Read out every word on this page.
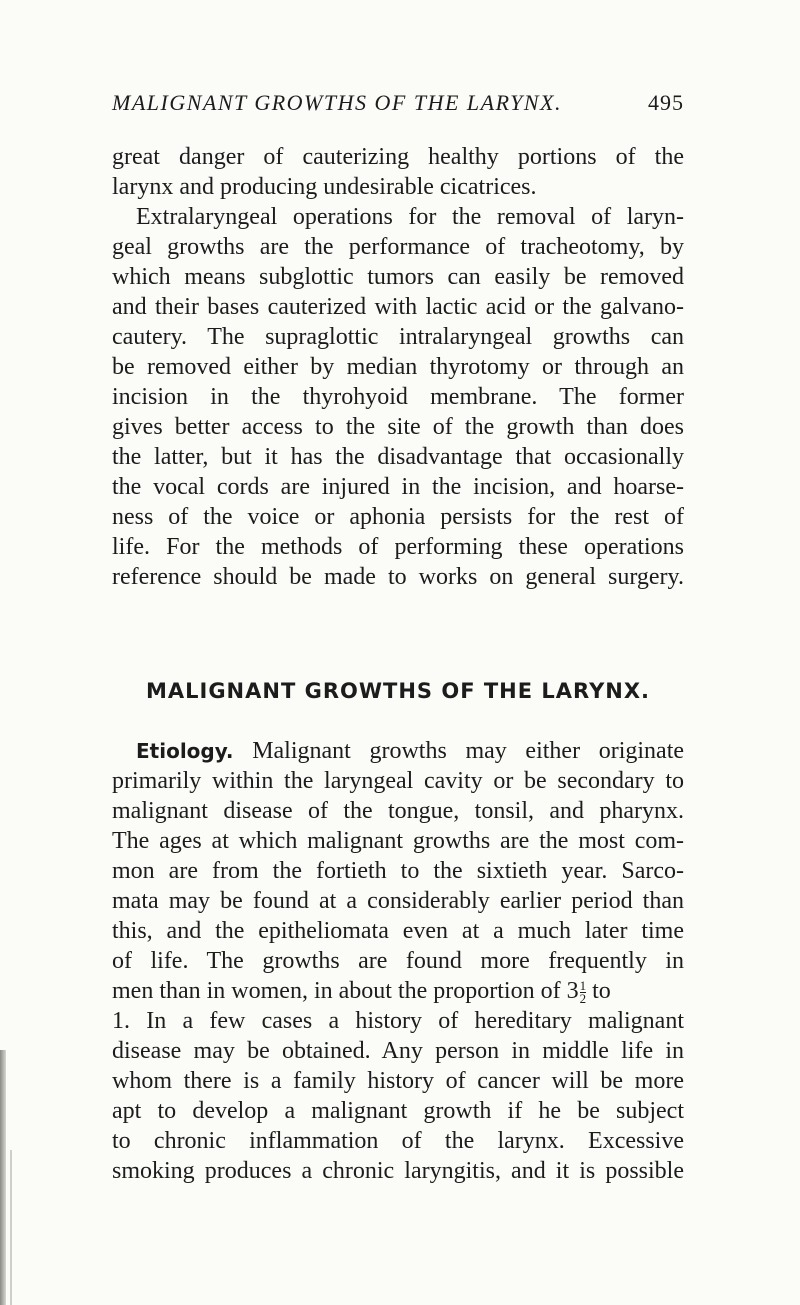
MALIGNANT GROWTHS OF THE LARYNX.	495
great danger of cauterizing healthy portions of the
larynx and producing undesirable cicatrices.
Extralaryngeal operations for the removal of laryn-
geal growths are the performance of tracheotomy, by
which means subglottic tumors can easily be removed
and their bases cauterized with lactic acid or the galvano-
cautery. The supraglottic intralaryngeal growths can
be removed either by median thyrotomy or through an
incision in the thyrohyoid membrane. The former
gives better access to the site of the growth than does
the latter, but it has the disadvantage that occasionally
the vocal cords are injured in the incision, and hoarse-
ness of the voice or aphonia persists for the rest of
life. For the methods of performing these operations
reference should be made to works on general surgery.
MALIGNANT GROWTHS OF THE LARYNX.
Etiology. Malignant growths may either originate
primarily within the laryngeal cavity or be secondary to
malignant disease of the tongue, tonsil, and pharynx.
The ages at which malignant growths are the most com-
mon are from the fortieth to the sixtieth year. Sarco-
mata may be found at a considerably earlier period than
this, and the epitheliomata even at a much later time
of life. The growths are found more frequently in
men than in women, in about the proportion of $3 \frac{1}{2}$ to
1. In a few cases a history of hereditary malignant
disease may be obtained. Any person in middle life in
whom there is a family history of cancer will be more
apt to develop a malignant growth if he be subject
to chronic inflammation of the larynx. Excessive
smoking produces a chronic laryngitis, and it is possible
